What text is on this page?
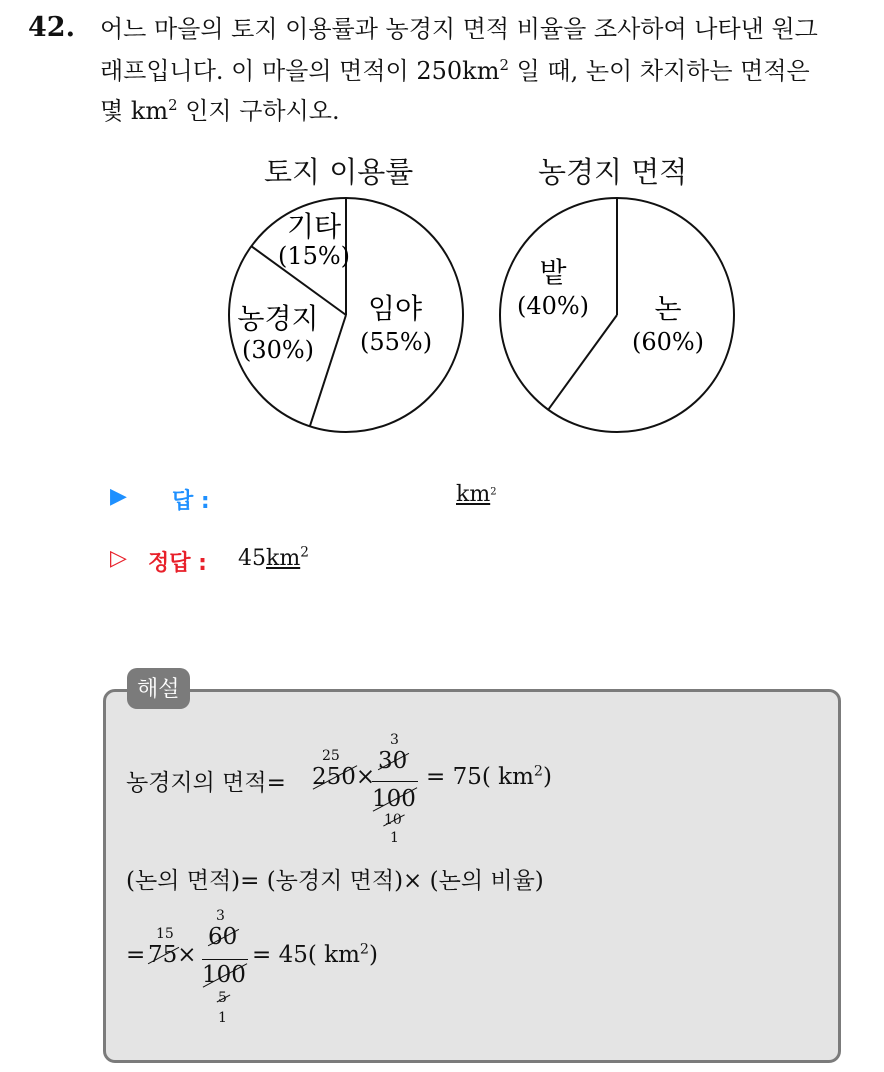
42. 어느 마을의 토지 이용률과 농경지 면적 비율을 조사하여 나타낸 원그
래프입니다. 이 마을의 면적이 $250km^2$ 일 때, 논이 차지하는 면적은
몇 $km^2$ 인지 구하시오.
토지 이용률	농경지 면적
임야
(55%)
농경지
(30%)
기타
(15%)
논
(60%)
밭
(40%)
▶ 답 :	$km^2$
▷ 정답 : $45km^2$
해설
농경지의 면적=
25
250×
3
30
100
10
1
= 75( $km^2$)
(논의 면적)= (농경지 면적)× (논의 비율)
=
15
75×
3
60
100
5
1
= 45( $km^2$)
